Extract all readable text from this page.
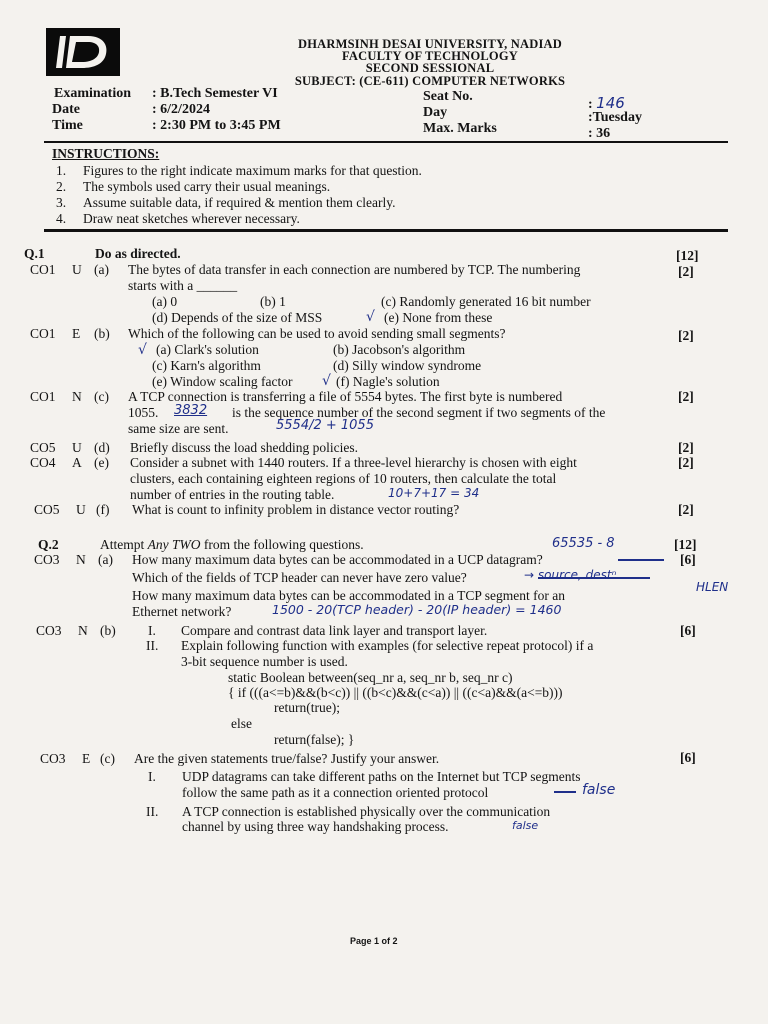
DHARMSINH DESAI UNIVERSITY, NADIAD
FACULTY OF TECHNOLOGY
SECOND SESSIONAL
SUBJECT: (CE-611) COMPUTER NETWORKS
Examination : B.Tech Semester VI
Date	: 6/2/2024
Time	: 2:30 PM to 3:45 PM
Seat No.
: 146
Day	:Tuesday
Max. Marks	: 36
INSTRUCTIONS:
1. Figures to the right indicate maximum marks for that question.
2. The symbols used carry their usual meanings.
3. Assume suitable data, if required & mention them clearly.
4. Draw neat sketches wherever necessary.
Q.1	Do as directed.	[12]
CO1 U (a) The bytes of data transfer in each connection are numbered by TCP. The numbering	[2]
starts with a ______
(a) 0	(b) 1	(c) Randomly generated 16 bit number
(d) Depends of the size of MSS	√ (e) None from these
CO1 E (b) Which of the following can be used to avoid sending small segments?	[2]
√ (a) Clark's solution	(b) Jacobson's algorithm
(c) Karn's algorithm	(d) Silly window syndrome
(e) Window scaling factor √ (f) Nagle's solution
CO1 N (c) A TCP connection is transferring a file of 5554 bytes. The first byte is numbered	[2]
1055. 3832 is the sequence number of the second segment if two segments of the
same size are sent.	5554/2 + 1055
CO5 U (d) Briefly discuss the load shedding policies.	[2]
CO4 A (e) Consider a subnet with 1440 routers. If a three-level hierarchy is chosen with eight	[2]
clusters, each containing eighteen regions of 10 routers, then calculate the total
number of entries in the routing table.	10+7+17 = 34
CO5 U (f) What is count to infinity problem in distance vector routing?	[2]
Q.2	Attempt Any TWO from the following questions.	65535 - 8	[12]
CO3 N (a) How many maximum data bytes can be accommodated in a UCP datagram?	[6]
Which of the fields of TCP header can never have zero value?	→ source, destⁿ
HLEN
How many maximum data bytes can be accommodated in a TCP segment for an
Ethernet network?	1500 - 20(TCP header) - 20(IP header) = 1460
CO3 N (b) I. Compare and contrast data link layer and transport layer.	[6]
II. Explain following function with examples (for selective repeat protocol) if a
3-bit sequence number is used.
static Boolean between(seq_nr a, seq_nr b, seq_nr c)
{ if (((a<=b)&&(b<c)) || ((b<c)&&(c<a)) || ((c<a)&&(a<=b)))
return(true);
else
return(false); }
CO3 E (c) Are the given statements true/false? Justify your answer.	[6]
I. UDP datagrams can take different paths on the Internet but TCP segments
follow the same path as it a connection oriented protocol	false
II. A TCP connection is established physically over the communication
channel by using three way handshaking process.	false
Page 1 of 2
